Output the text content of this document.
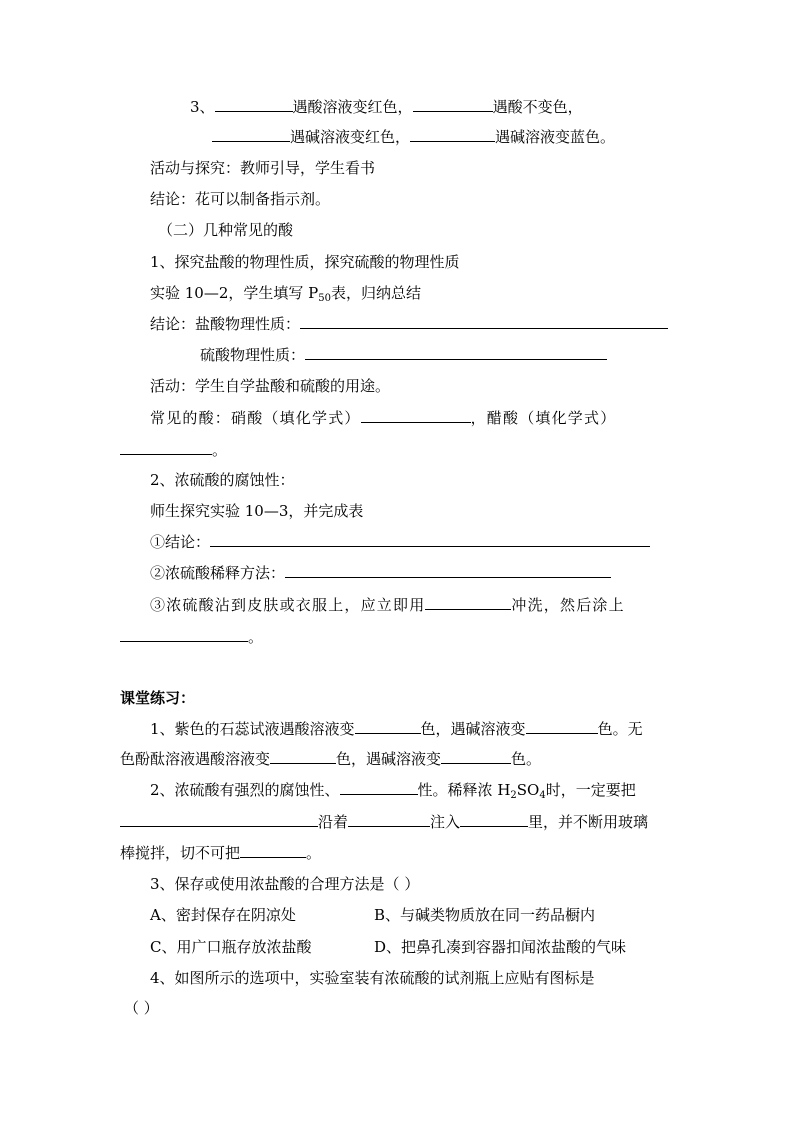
3、	遇酸溶液变红色，	遇酸不变色，
遇碱溶液变红色，	遇碱溶液变蓝色。
活动与探究：教师引导，学生看书
结论：花可以制备指示剂。
（二）几种常见的酸
1、探究盐酸的物理性质，探究硫酸的物理性质
实验 10—2，学生填写 $P_{50}$表，归纳总结
结论：盐酸物理性质：
硫酸物理性质：
活动：学生自学盐酸和硫酸的用途。
常见的酸：硝酸（填化学式）	，醋酸（填化学式）
。
2、浓硫酸的腐蚀性：
师生探究实验 10—3，并完成表
①结论：
②浓硫酸稀释方法：
③浓硫酸沾到皮肤或衣服上，应立即用	冲洗，然后涂上
。
课堂练习：
1、紫色的石蕊试液遇酸溶液变	色，遇碱溶液变	色。无
色酚酞溶液遇酸溶液变	色，遇碱溶液变	色。
2、浓硫酸有强烈的腐蚀性、	性。稀释浓 $H_2SO_4$时，一定要把
沿着	注入	里，并不断用玻璃
棒搅拌，切不可把	。
3、保存或使用浓盐酸的合理方法是（ ）
A、密封保存在阴凉处	B、与碱类物质放在同一药品橱内
C、用广口瓶存放浓盐酸	D、把鼻孔凑到容器扣闻浓盐酸的气味
4、如图所示的选项中，实验室装有浓硫酸的试剂瓶上应贴有图标是
（ ）
